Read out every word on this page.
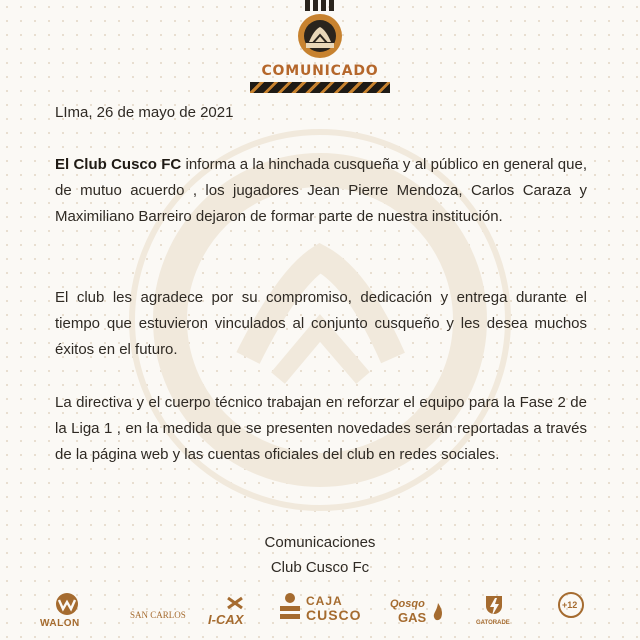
COMUNICADO

LIma, 26 de mayo de 2021

El Club Cusco FC informa a la hinchada cusqueña y al público en general que, de mutuo acuerdo , los jugadores Jean Pierre Mendoza, Carlos Caraza y Maximiliano Barreiro dejaron de formar parte de nuestra institución.

El club les agradece por su compromiso, dedicación y entrega durante el tiempo que estuvieron vinculados al conjunto cusqueño y les desea muchos éxitos en el futuro.

La directiva y el cuerpo técnico trabajan en reforzar el equipo para la Fase 2 de la Liga 1 , en la medida que se presenten novedades serán reportadas a través de la página web y las cuentas oficiales del club en redes sociales.

Comunicaciones
Club Cusco Fc
WALON
SAN CARLOS I-CAX
CAJA
CUSCO
Qosqo
GAS	GATORADE
+12
